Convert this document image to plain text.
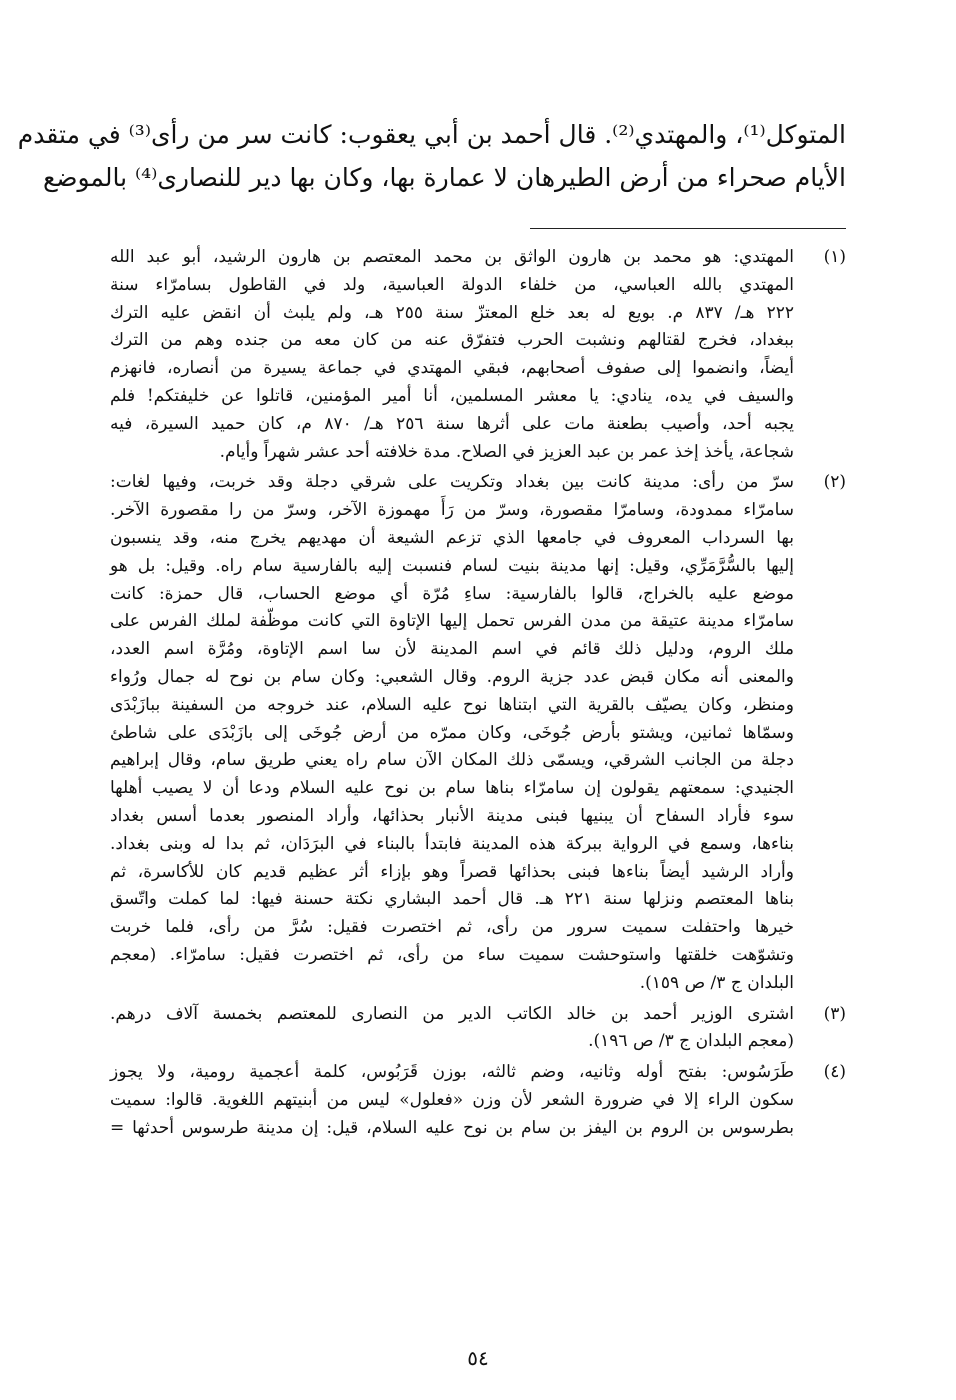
المتوكل⁽¹⁾، والمهتدي⁽²⁾. قال أحمد بن أبي يعقوب: كانت سر من رأى⁽³⁾ في متقدم
الأيام صحراء من أرض الطيرهان لا عمارة بها، وكان بها دير للنصارى⁽⁴⁾ بالموضع
(١)
المهتدي: هو محمد بن هارون الواثق بن محمد المعتصم بن هارون الرشيد، أبو عبد الله
المهتدي بالله العباسي، من خلفاء الدولة العباسية، ولد في القاطول بسامرّاء سنة
٢٢٢ هـ/ ٨٣٧ م. بويع له بعد خلع المعتزّ سنة ٢٥٥ هـ، ولم يلبث أن انقض عليه الترك
ببغداد، فخرج لقتالهم ونشبت الحرب فتفرّق عنه من كان معه من جنده وهم من الترك
أيضاً، وانضموا إلى صفوف أصحابهم، فبقي المهتدي في جماعة يسيرة من أنصاره، فانهزم
والسيف في يده، ينادي: يا معشر المسلمين، أنا أمير المؤمنين، قاتلوا عن خليفتكم! فلم
يجبه أحد، وأصيب بطعنة مات على أثرها سنة ٢٥٦ هـ/ ٨٧٠ م، كان حميد السيرة، فيه
شجاعة، يأخذ إخذ عمر بن عبد العزيز في الصلاح. مدة خلافته أحد عشر شهراً وأيام.
(٢)
سرّ من رأى: مدينة كانت بين بغداد وتكريت على شرقي دجلة وقد خربت، وفيها لغات:
سامرّاء ممدودة، وسامرّا مقصورة، وسرّ من رَأَ مهموزة الآخر، وسرّ من را مقصورة الآخر.
بها السرداب المعروف في جامعها الذي تزعم الشيعة أن مهديهم يخرج منه، وقد ينسبون
إليها بالسُّرَّمَرِّي، وقيل: إنها مدينة بنيت لسام فنسبت إليه بالفارسية سام راه. وقيل: بل هو
موضع عليه بالخراج، قالوا بالفارسية: ساءِ مُرّة أي موضع الحساب، قال حمزة: كانت
سامرّاء مدينة عتيقة من مدن الفرس تحمل إليها الإتاوة التي كانت موظّفة لملك الفرس على
ملك الروم، ودليل ذلك قائم في اسم المدينة لأن سا اسم الإتاوة، ومُرَّة اسم العدد،
والمعنى أنه مكان قبض عدد جزية الروم. وقال الشعبي: وكان سام بن نوح له جمال ورُواء
ومنظر، وكان يصيّف بالقرية التي ابتناها نوح عليه السلام، عند خروجه من السفينة ببازَبْدَى
وسمّاها ثمانين، ويشتو بأرض جُوخَى، وكان ممرّه من أرض جُوخَى إلى بازَبْدَى على شاطئ
دجلة من الجانب الشرقي، ويسمّى ذلك المكان الآن سام راه يعني طريق سام، وقال إبراهيم
الجنيدي: سمعتهم يقولون إن سامرّاء بناها سام بن نوح عليه السلام ودعا أن لا يصيب أهلها
سوء فأراد السفاح أن يبنيها فبنى مدينة الأنبار بحذائها، وأراد المنصور بعدما أسس بغداد
بناءها، وسمع في الرواية ببركة هذه المدينة فابتدأ بالبناء في البرَدَان، ثم بدا له وبنى بغداد.
وأراد الرشيد أيضاً بناءها فبنى بحذائها قصراً وهو بإزاء أثر عظيم قديم كان للأكاسرة، ثم
بناها المعتصم ونزلها سنة ٢٢١ هـ. قال أحمد البشاري نكتة حسنة فيها: لما كملت واتّسق
خيرها واحتفلت سميت سرور من رأى، ثم اختصرت فقيل: سُرَّ من رأى، فلما خربت
وتشوّهت خلقتها واستوحشت سميت ساء من رأى، ثم اختصرت فقيل: سامرّاء. (معجم
البلدان ج ٣/ ص ١٥٩).
(٣)
اشترى الوزير أحمد بن خالد الكاتب الدير من النصارى للمعتصم بخمسة آلاف درهم.
(معجم البلدان ج ٣/ ص ١٩٦).
(٤)
طَرَسُوس: بفتح أوله وثانيه، وضم ثالثه، بوزن قَرَبُوس، كلمة أعجمية رومية، ولا يجوز
سكون الراء إلا في ضرورة الشعر لأن وزن «فعلول» ليس من أبنيتهم اللغوية. قالوا: سميت
بطرسوس بن الروم بن اليفز بن سام بن نوح عليه السلام، قيل: إن مدينة طرسوس أحدثها =
٥٤
